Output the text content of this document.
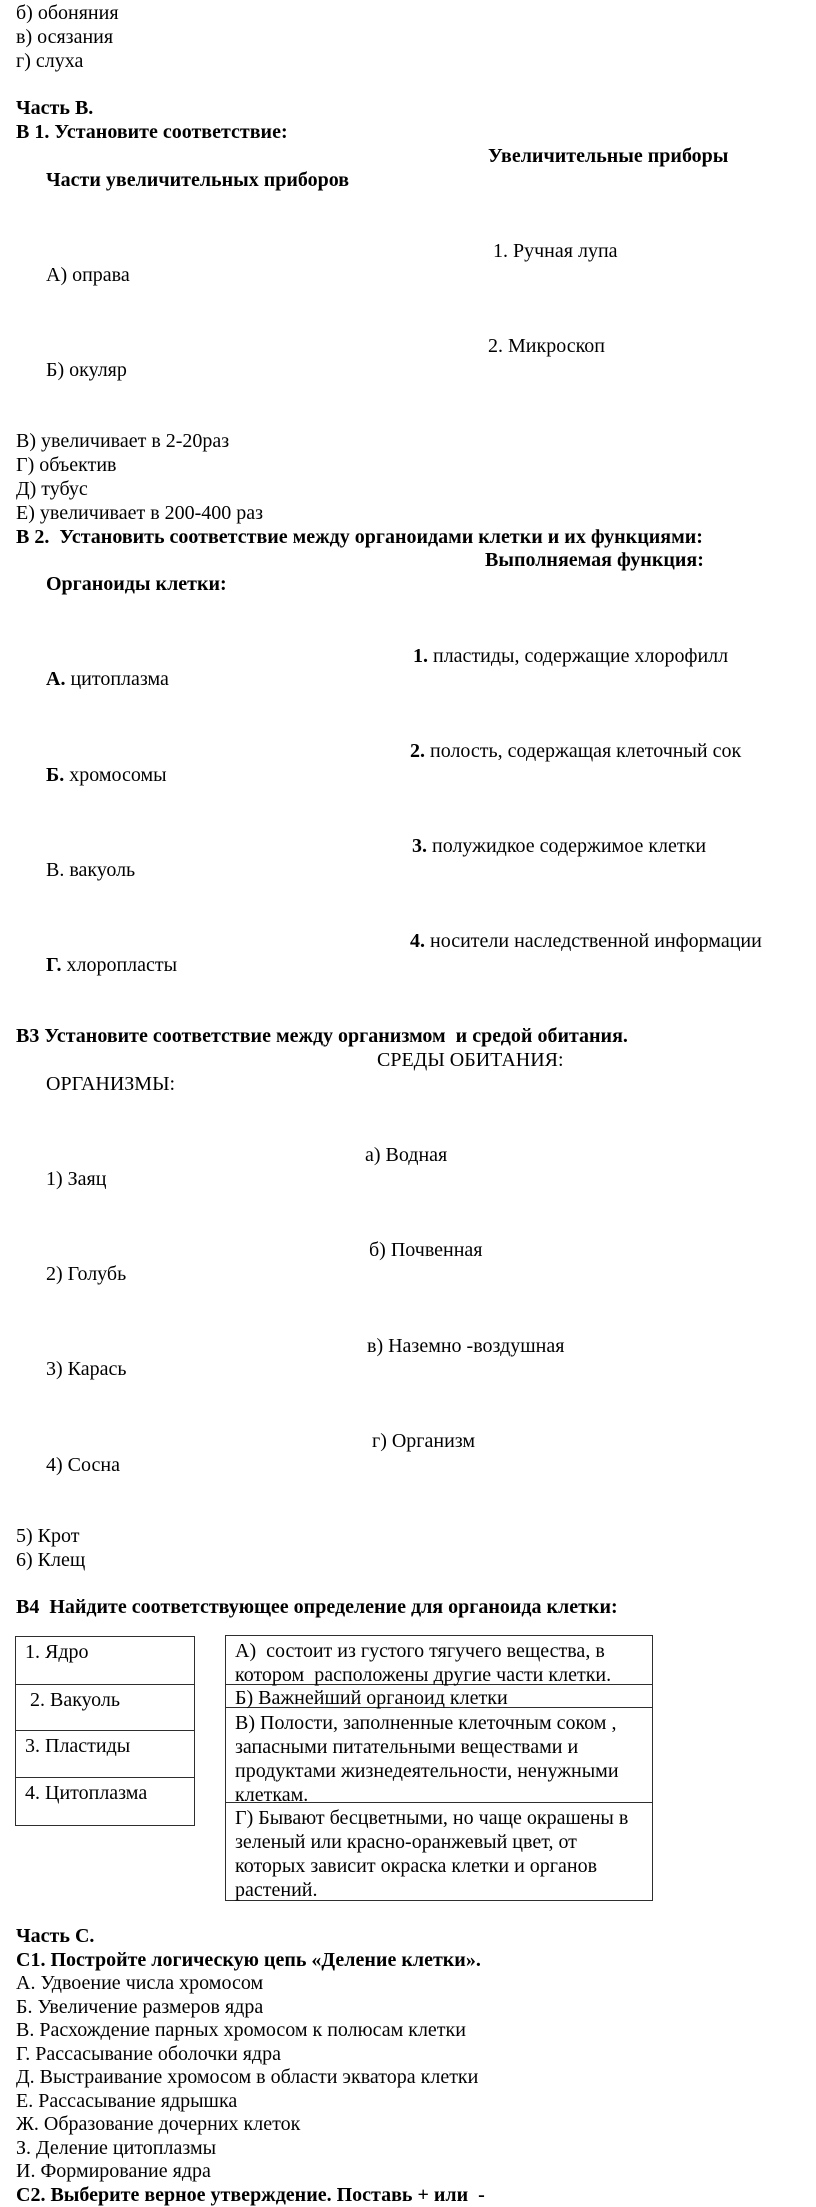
б) обоняния
в) осязания
г) слуха
Часть В.
В 1. Установите соответствие:

Части увеличительных приборов

Увеличительные приборы

А) оправа

1. Ручная лупа

Б) окуляр

2. Микроскоп

В) увеличивает в 2-20раз
Г) объектив
Д) тубус
Е) увеличивает в 200-400 раз
В 2.  Установить соответствие между органоидами клетки и их функциями:

Органоиды клетки:

Выполняемая функция:

А. цитоплазма

1. пластиды, содержащие хлорофилл

Б. хромосомы

2. полость, содержащая клеточный сок

В. вакуоль

3. полужидкое содержимое клетки

Г. хлоропласты

4. носители наследственной информации

В3 Установите соответствие между организмом  и средой обитания.

ОРГАНИЗМЫ:

СРЕДЫ ОБИТАНИЯ:

1) Заяц

а) Водная

2) Голубь

б) Почвенная

3) Карась

в) Наземно -воздушная

4) Сосна

г) Организм

5) Крот
6) Клещ
В4  Найдите соответствующее определение для органоида клетки:
1. Ядро
2. Вакуоль
3. Пластиды
4. Цитоплазма
А)  состоит из густого тягучего вещества, в
котором  расположены другие части клетки.
Б) Важнейший органоид клетки
В) Полости, заполненные клеточным соком ,
запасными питательными веществами и
продуктами жизнедеятельности, ненужными
клеткам.
Г) Бывают бесцветными, но чаще окрашены в
зеленый или красно-оранжевый цвет, от
которых зависит окраска клетки и органов
растений.
Часть С.
С1. Постройте логическую цепь «Деление клетки».
А. Удвоение числа хромосом
Б. Увеличение размеров ядра
В. Расхождение парных хромосом к полюсам клетки
Г. Рассасывание оболочки ядра
Д. Выстраивание хромосом в области экватора клетки
Е. Рассасывание ядрышка
Ж. Образование дочерних клеток
З. Деление цитоплазмы
И. Формирование ядра
С2. Выберите верное утверждение. Поставь + или  -
